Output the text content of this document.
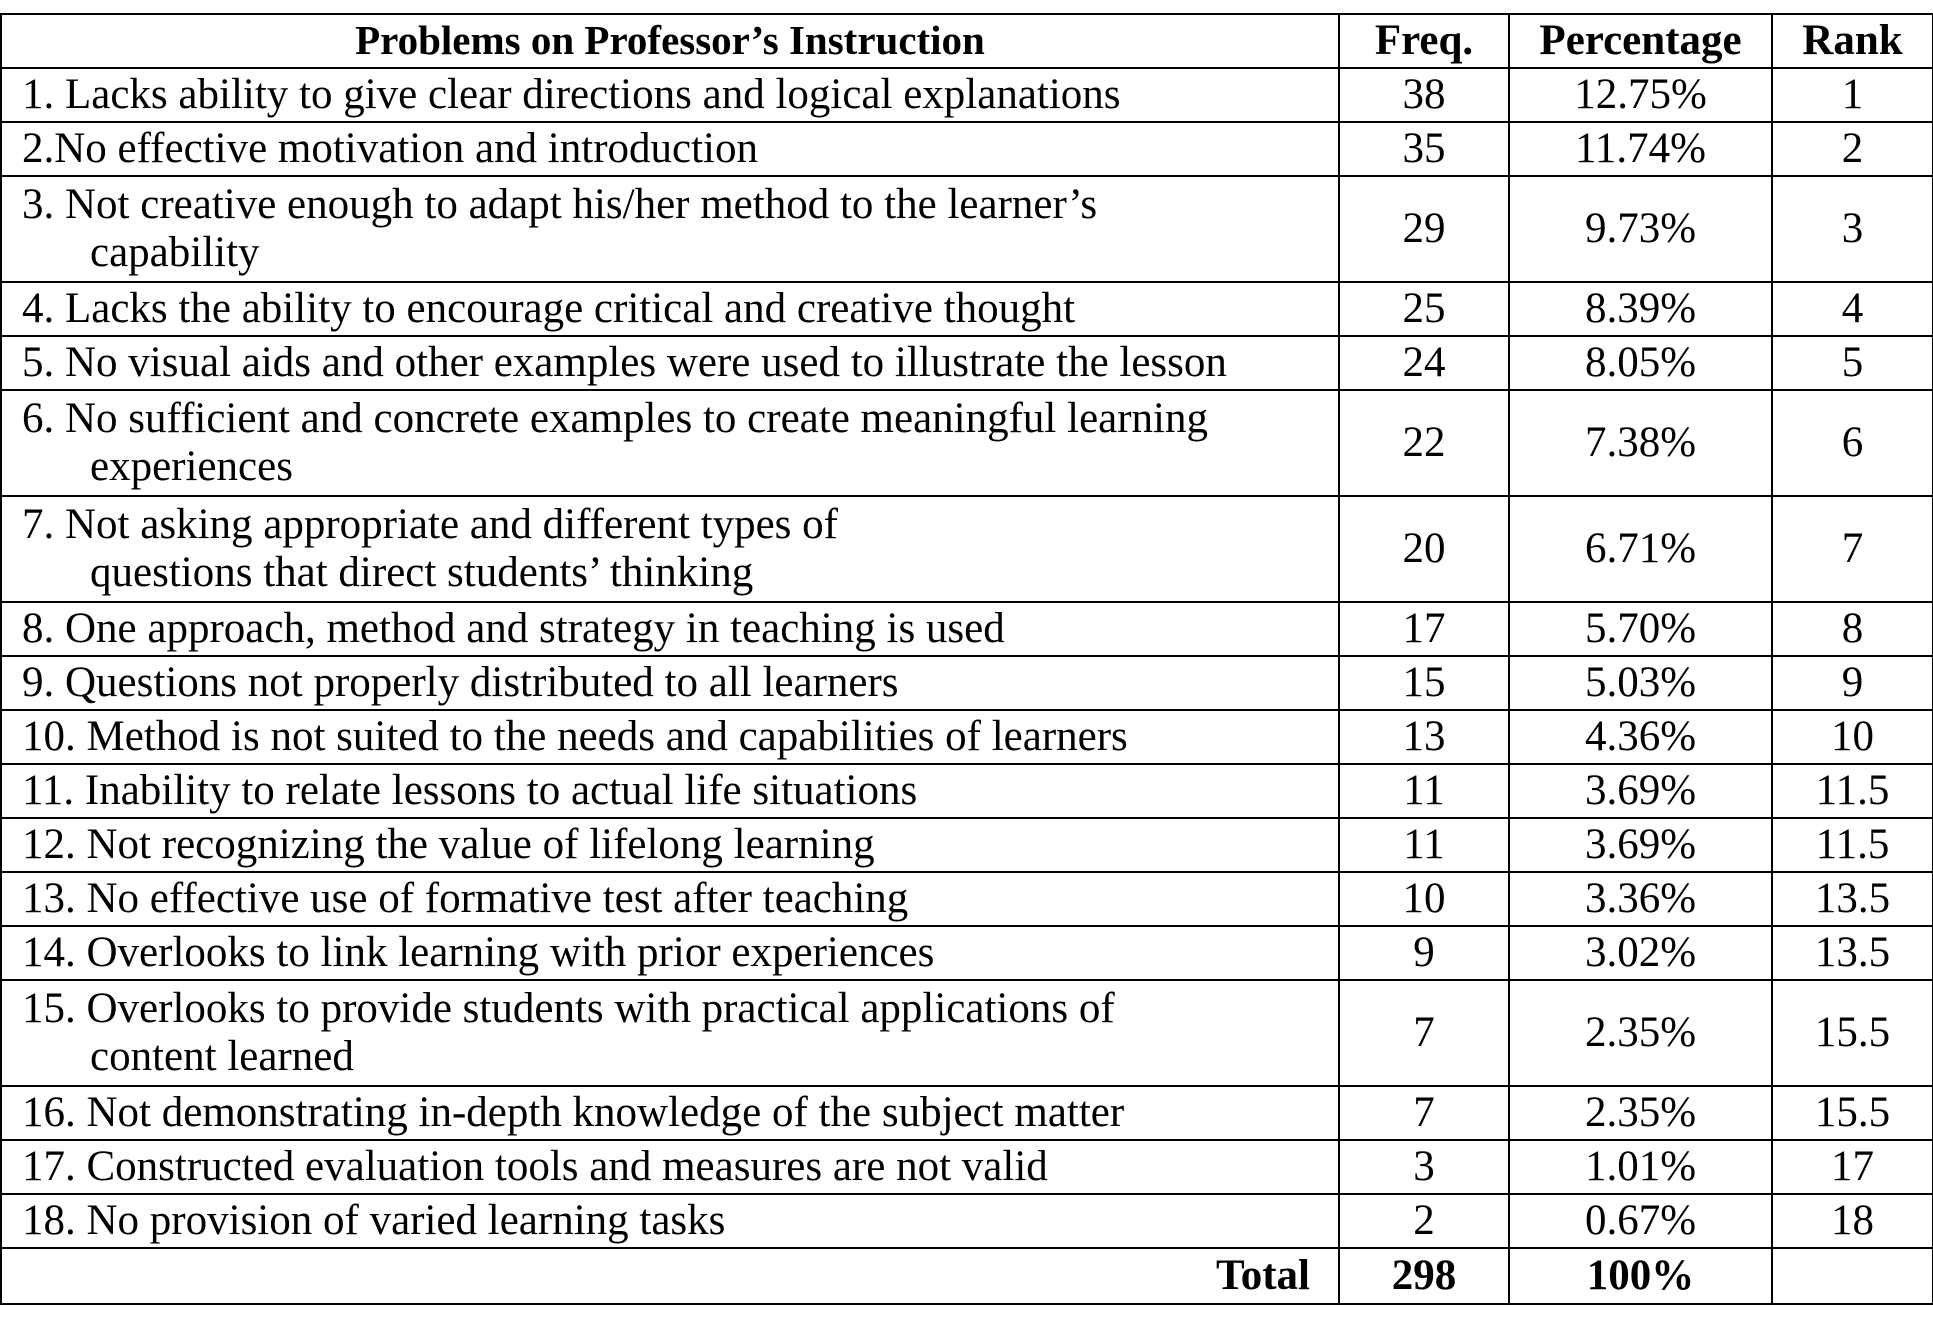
Problems on Professor’s Instruction	Freq.	Percentage	Rank
1. Lacks ability to give clear directions and logical explanations	38	12.75%	1
2.No effective motivation and introduction	35	11.74%	2
3. Not creative enough to adapt his/her method to the learner’s
capability	29	9.73%	3
4. Lacks the ability to encourage critical and creative thought	25	8.39%	4
5. No visual aids and other examples were used to illustrate the lesson	24	8.05%	5
6. No sufficient and concrete examples to create meaningful learning
experiences	22	7.38%	6
7. Not asking appropriate and different types of
questions that direct students’ thinking	20	6.71%	7
8. One approach, method and strategy in teaching is used	17	5.70%	8
9. Questions not properly distributed to all learners	15	5.03%	9
10. Method is not suited to the needs and capabilities of learners	13	4.36%	10
11. Inability to relate lessons to actual life situations	11	3.69%	11.5
12. Not recognizing the value of lifelong learning	11	3.69%	11.5
13. No effective use of formative test after teaching	10	3.36%	13.5
14. Overlooks to link learning with prior experiences	9	3.02%	13.5
15. Overlooks to provide students with practical applications of
content learned	7	2.35%	15.5
16. Not demonstrating in-depth knowledge of the subject matter	7	2.35%	15.5
17. Constructed evaluation tools and measures are not valid	3	1.01%	17
18. No provision of varied learning tasks	2	0.67%	18
Total	298	100%	
